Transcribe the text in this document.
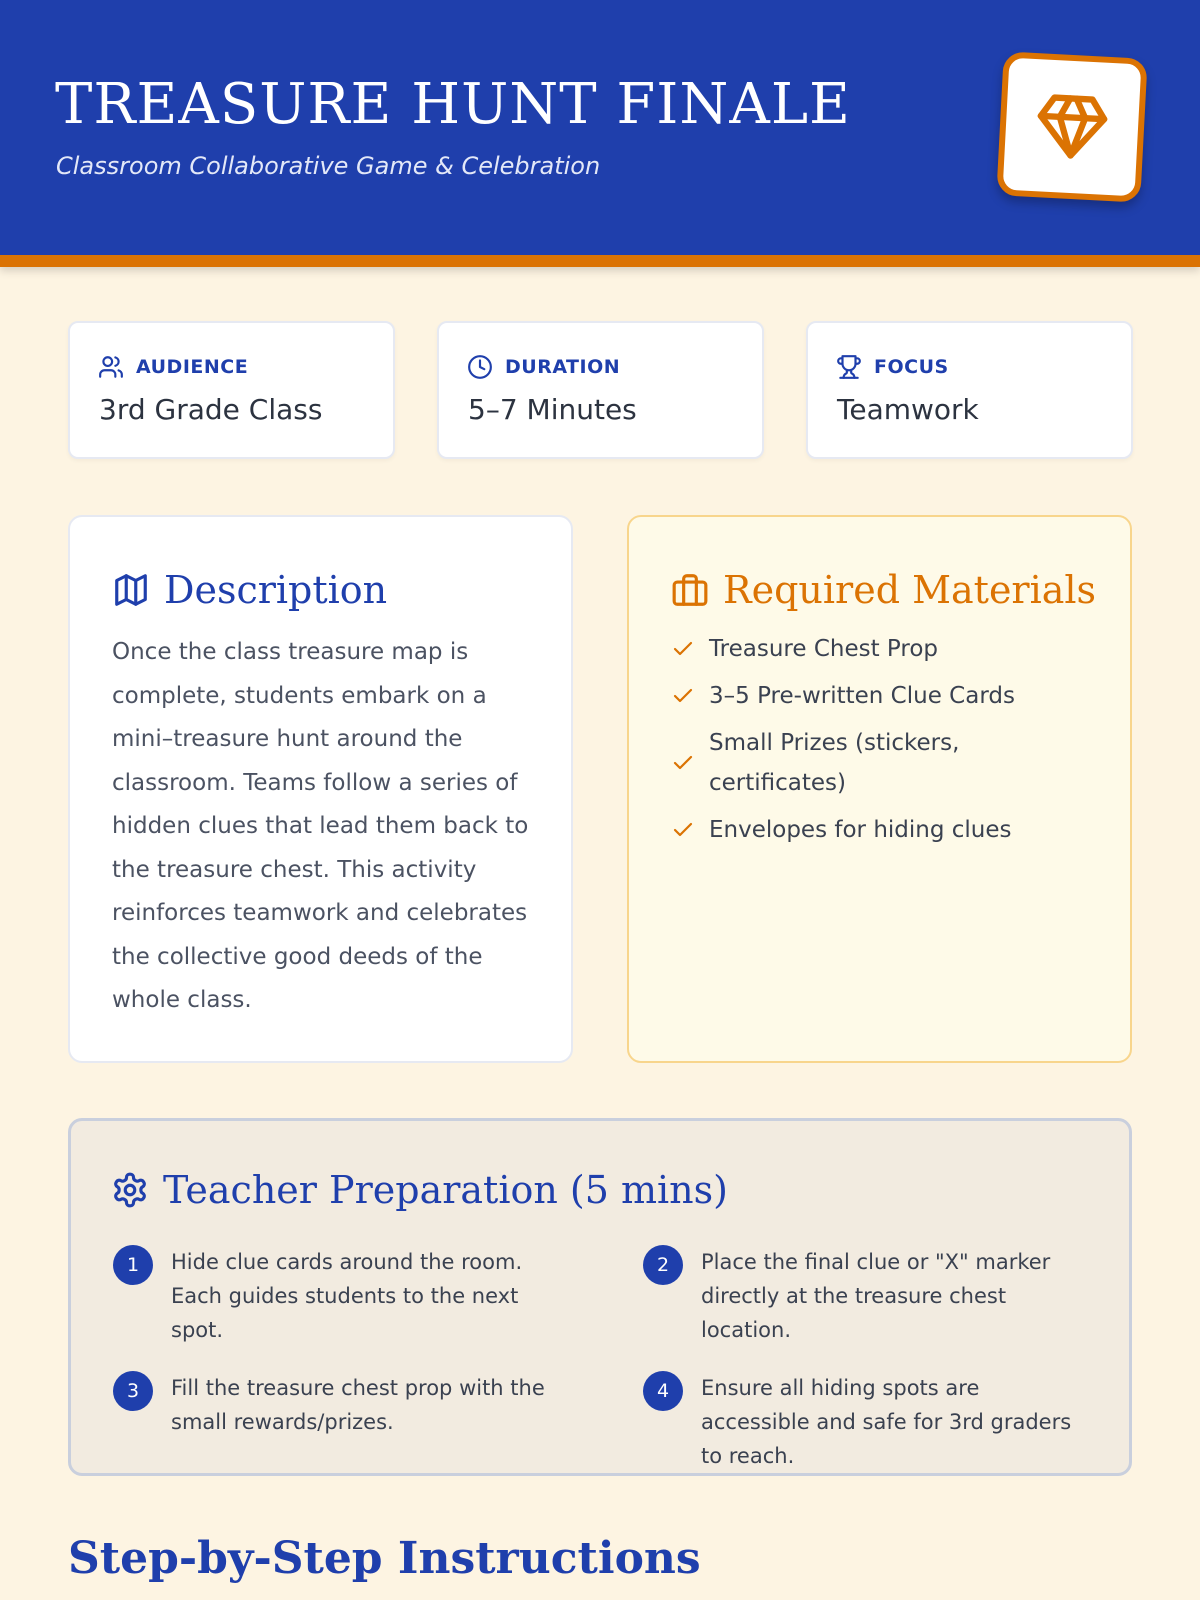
TREASURE HUNT FINALE
Classroom Collaborative Game & Celebration
AUDIENCE
3rd Grade Class
DURATION
5–7 Minutes
FOCUS
Teamwork
Description

Once the class treasure map is complete, students embark on a mini–treasure hunt around the classroom. Teams follow a series of hidden clues that lead them back to the treasure chest. This activity reinforces teamwork and celebrates the collective good deeds of the whole class.

Required Materials
Treasure Chest Prop
3–5 Pre-written Clue Cards
Small Prizes (stickers, certificates)
Envelopes for hiding clues
Teacher Preparation (5 mins)
1	Hide clue cards around the room. Each guides students to the next spot.
2	Place the final clue or "X" marker directly at the treasure chest location.
3	Fill the treasure chest prop with the small rewards/prizes.
4	Ensure all hiding spots are accessible and safe for 3rd graders to reach.
Step-by-Step Instructions
